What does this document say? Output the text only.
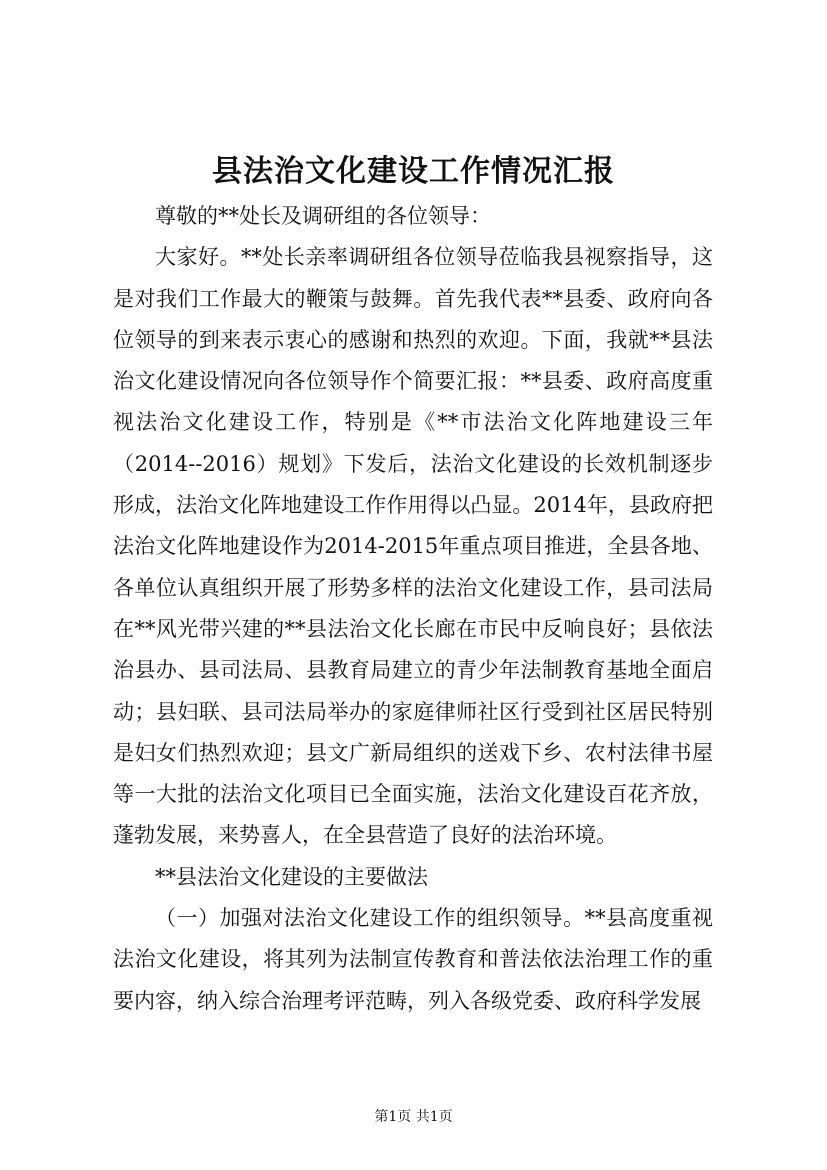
县法治文化建设工作情况汇报

尊敬的**处长及调研组的各位领导：

大家好。**处长亲率调研组各位领导莅临我县视察指导，这是对我们工作最大的鞭策与鼓舞。首先我代表**县委、政府向各位领导的到来表示衷心的感谢和热烈的欢迎。下面，我就**县法治文化建设情况向各位领导作个简要汇报：**县委、政府高度重视法治文化建设工作，特别是《**市法治文化阵地建设三年（2014--2016）规划》下发后，法治文化建设的长效机制逐步形成，法治文化阵地建设工作作用得以凸显。2014年，县政府把法治文化阵地建设作为2014-2015年重点项目推进，全县各地、各单位认真组织开展了形势多样的法治文化建设工作，县司法局在**风光带兴建的**县法治文化长廊在市民中反响良好；县依法治县办、县司法局、县教育局建立的青少年法制教育基地全面启动；县妇联、县司法局举办的家庭律师社区行受到社区居民特别是妇女们热烈欢迎；县文广新局组织的送戏下乡、农村法律书屋等一大批的法治文化项目已全面实施，法治文化建设百花齐放，蓬勃发展，来势喜人，在全县营造了良好的法治环境。

**县法治文化建设的主要做法

（一）加强对法治文化建设工作的组织领导。**县高度重视法治文化建设，将其列为法制宣传教育和普法依法治理工作的重要内容，纳入综合治理考评范畴，列入各级党委、政府科学发展

第1页 共1页
